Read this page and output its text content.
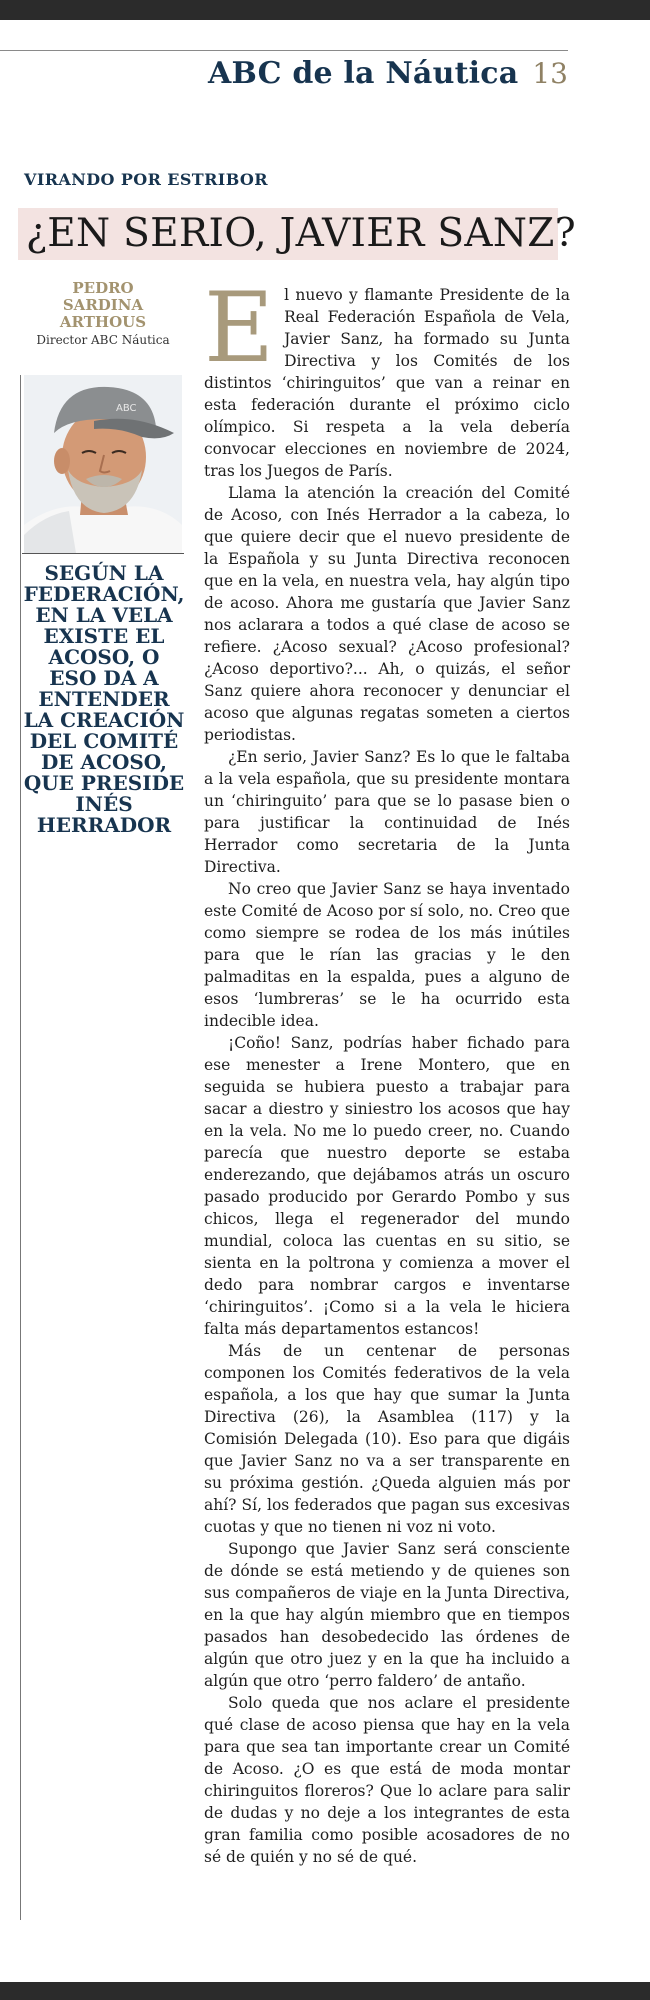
ABC de la Náutica 13
VIRANDO POR ESTRIBOR
¿EN SERIO, JAVIER SANZ?
PEDRO
SARDINA
ARTHOUS
Director ABC Náutica
ABC
SEGÚN LA FEDERACIÓN, EN LA VELA EXISTE EL ACOSO, O ESO DA A ENTENDER LA CREACIÓN DEL COMITÉ DE ACOSO, QUE PRESIDE INÉS HERRADOR

El nuevo y flamante Presidente de la Real Federación Española de Vela, Javier Sanz, ha formado su Junta Directiva y los Comités de los distintos ‘chiringuitos’ que van a reinar en esta federación durante el próximo ciclo olímpico. Si respeta a la vela debería convocar elecciones en noviembre de 2024, tras los Juegos de París.

Llama la atención la creación del Comité de Acoso, con Inés Herrador a la cabeza, lo que quiere decir que el nuevo presidente de la Española y su Junta Directiva reconocen que en la vela, en nuestra vela, hay algún tipo de acoso. Ahora me gustaría que Javier Sanz nos aclarara a todos a qué clase de acoso se refiere. ¿Acoso sexual? ¿Acoso profesional? ¿Acoso deportivo?... Ah, o quizás, el señor Sanz quiere ahora reconocer y denunciar el acoso que algunas regatas someten a ciertos periodistas.

¿En serio, Javier Sanz? Es lo que le faltaba a la vela española, que su presidente montara un ‘chiringuito’ para que se lo pasase bien o para justificar la continuidad de Inés Herrador como secretaria de la Junta Directiva.

No creo que Javier Sanz se haya inventado este Comité de Acoso por sí solo, no. Creo que como siempre se rodea de los más inútiles para que le rían las gracias y le den palmaditas en la espalda, pues a alguno de esos ‘lumbreras’ se le ha ocurrido esta indecible idea.

¡Coño! Sanz, podrías haber fichado para ese menester a Irene Montero, que en seguida se hubiera puesto a trabajar para sacar a diestro y siniestro los acosos que hay en la vela. No me lo puedo creer, no. Cuando parecía que nuestro deporte se estaba enderezando, que dejábamos atrás un oscuro pasado producido por Gerardo Pombo y sus chicos, llega el regenerador del mundo mundial, coloca las cuentas en su sitio, se sienta en la poltrona y comienza a mover el dedo para nombrar cargos e inventarse ‘chiringuitos’. ¡Como si a la vela le hiciera falta más departamentos estancos!

Más de un centenar de personas componen los Comités federativos de la vela española, a los que hay que sumar la Junta Directiva (26), la Asamblea (117) y la Comisión Delegada (10). Eso para que digáis que Javier Sanz no va a ser transparente en su próxima gestión. ¿Queda alguien más por ahí? Sí, los federados que pagan sus excesivas cuotas y que no tienen ni voz ni voto.

Supongo que Javier Sanz será consciente de dónde se está metiendo y de quienes son sus compañeros de viaje en la Junta Directiva, en la que hay algún miembro que en tiempos pasados han desobedecido las órdenes de algún que otro juez y en la que ha incluido a algún que otro ‘perro faldero’ de antaño.

Solo queda que nos aclare el presidente qué clase de acoso piensa que hay en la vela para que sea tan importante crear un Comité de Acoso. ¿O es que está de moda montar chiringuitos floreros? Que lo aclare para salir de dudas y no deje a los integrantes de esta gran familia como posible acosadores de no sé de quién y no sé de qué.
